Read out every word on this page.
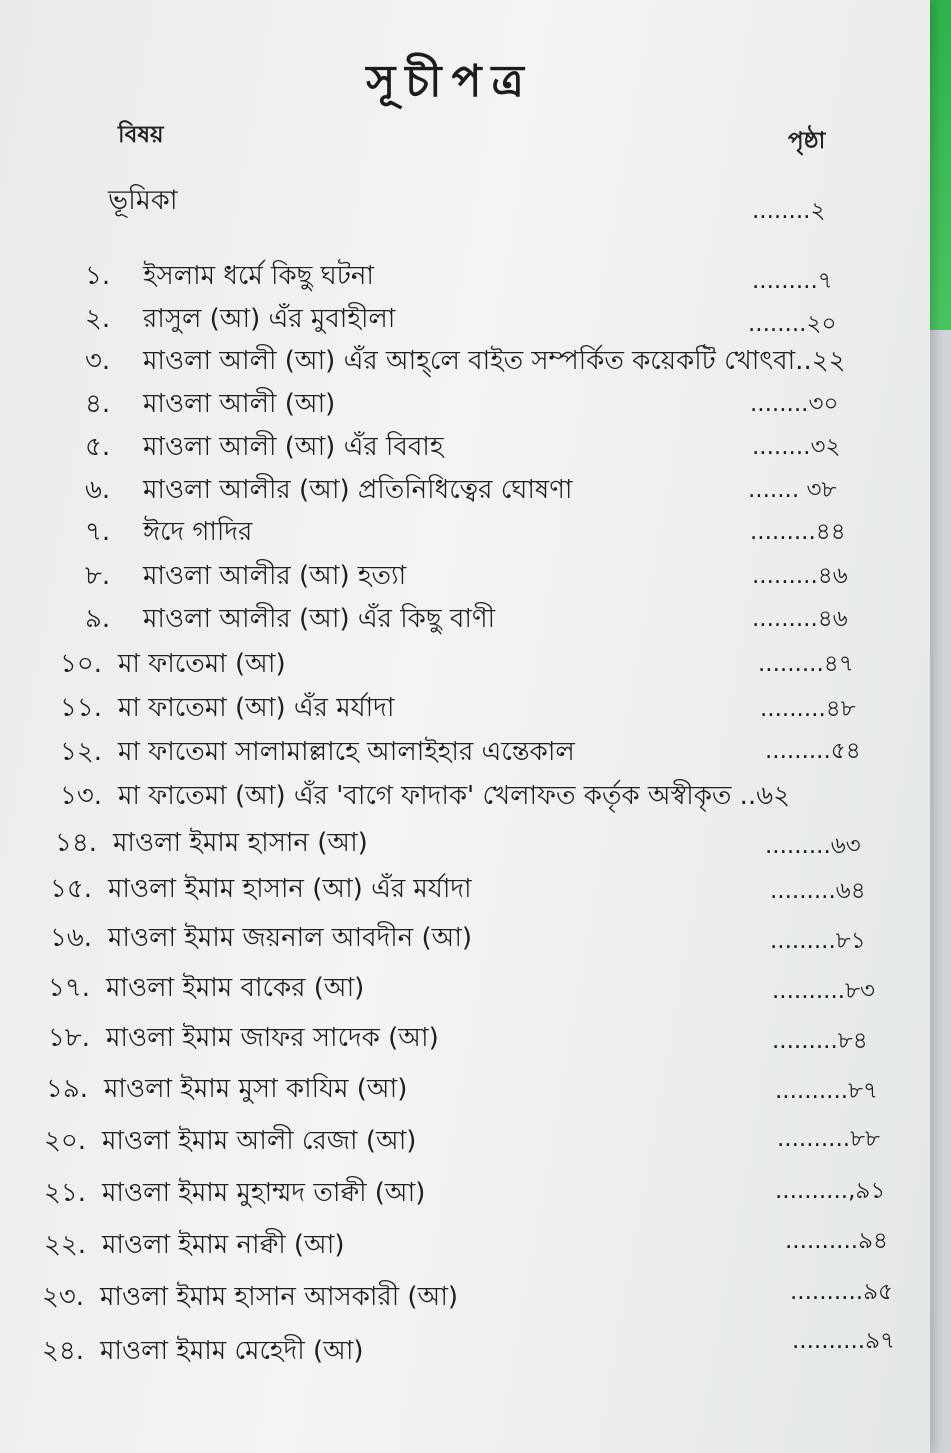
সূচীপত্র
বিষয়	পৃষ্ঠা
ভূমিকা	........২
১. ইসলাম ধর্মে কিছু ঘটনা	.........৭
২. রাসুল (আ) এঁর মুবাহীলা	........২০
৩. মাওলা আলী (আ) এঁর আহ্‌লে বাইত সম্পর্কিত কয়েকটি খোৎবা..২২
৪. মাওলা আলী (আ)	........৩০
৫. মাওলা আলী (আ) এঁর বিবাহ	........৩২
৬. মাওলা আলীর (আ) প্রতিনিধিত্বের ঘোষণা	....... ৩৮
৭. ঈদে গাদির	.........৪৪
৮. মাওলা আলীর (আ) হত্যা	.........৪৬
৯. মাওলা আলীর (আ) এঁর কিছু বাণী	.........৪৬
১০. মা ফাতেমা (আ)	.........৪৭
১১. মা ফাতেমা (আ) এঁর মর্যাদা	.........৪৮
১২. মা ফাতেমা সালামাল্লাহে আলাইহার এন্তেকাল	.........৫৪
১৩. মা ফাতেমা (আ) এঁর 'বাগে ফাদাক' খেলাফত কর্তৃক অস্বীকৃত ..৬২
১৪. মাওলা ইমাম হাসান (আ)	.........৬৩
১৫. মাওলা ইমাম হাসান (আ) এঁর মর্যাদা	.........৬৪
১৬. মাওলা ইমাম জয়নাল আবদীন (আ)	.........৮১
১৭. মাওলা ইমাম বাকের (আ)	..........৮৩
১৮. মাওলা ইমাম জাফর সাদেক (আ)	.........৮৪
১৯. মাওলা ইমাম মুসা কাযিম (আ)	..........৮৭
২০. মাওলা ইমাম আলী রেজা (আ)	..........৮৮
২১. মাওলা ইমাম মুহাম্মদ তাক্বী (আ)	..........,৯১
২২. মাওলা ইমাম নাক্বী (আ)	..........৯৪
২৩. মাওলা ইমাম হাসান আসকারী (আ)	..........৯৫
২৪. মাওলা ইমাম মেহেদী (আ)	..........৯৭
